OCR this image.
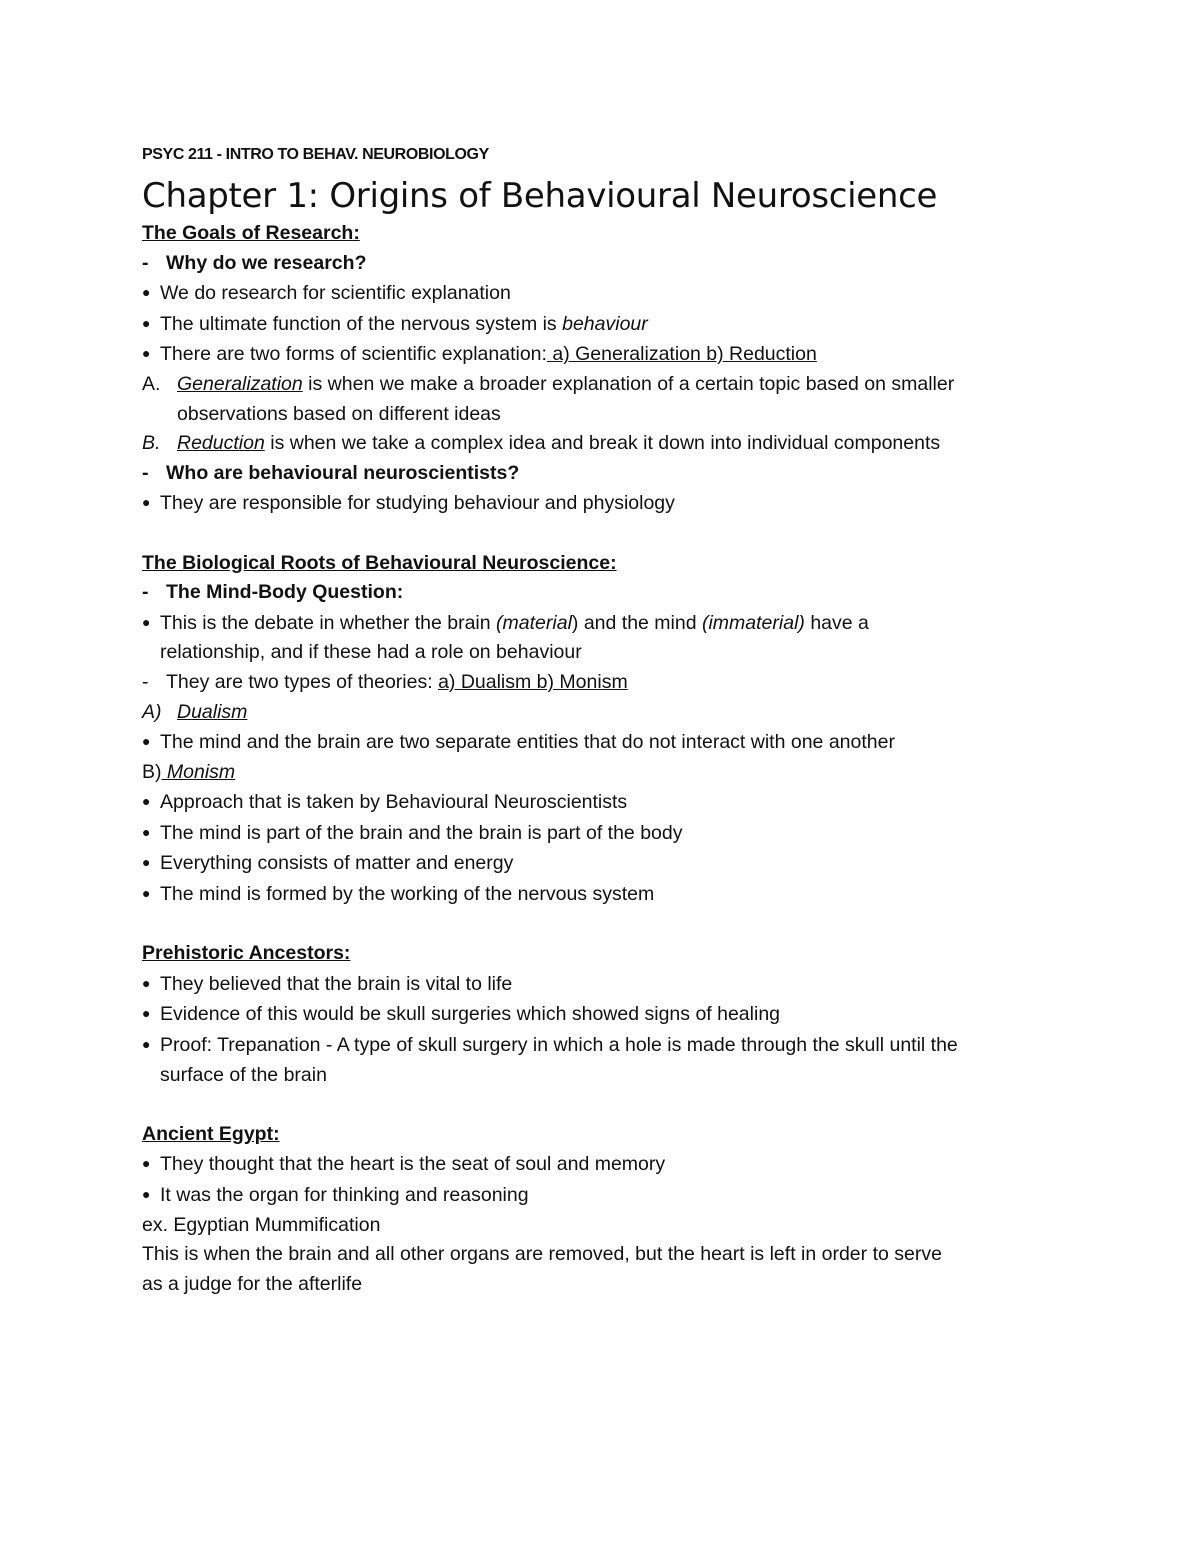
PSYC 211 - INTRO TO BEHAV. NEUROBIOLOGY

Chapter 1: Origins of Behavioural Neuroscience

The Goals of Research:

- Why do we research?

● We do research for scientific explanation

● The ultimate function of the nervous system is behaviour

● There are two forms of scientific explanation: a) Generalization b) Reduction

A. Generalization is when we make a broader explanation of a certain topic based on smaller

observations based on different ideas

B. Reduction is when we take a complex idea and break it down into individual components

- Who are behavioural neuroscientists?

● They are responsible for studying behaviour and physiology

The Biological Roots of Behavioural Neuroscience:

- The Mind-Body Question:

● This is the debate in whether the brain (material) and the mind (immaterial) have a

relationship, and if these had a role on behaviour

- They are two types of theories: a) Dualism b) Monism

A) Dualism

● The mind and the brain are two separate entities that do not interact with one another

B) Monism

● Approach that is taken by Behavioural Neuroscientists

● The mind is part of the brain and the brain is part of the body

● Everything consists of matter and energy

● The mind is formed by the working of the nervous system

Prehistoric Ancestors:

● They believed that the brain is vital to life

● Evidence of this would be skull surgeries which showed signs of healing

● Proof: Trepanation - A type of skull surgery in which a hole is made through the skull until the

surface of the brain

Ancient Egypt:

● They thought that the heart is the seat of soul and memory

● It was the organ for thinking and reasoning

ex. Egyptian Mummification

This is when the brain and all other organs are removed, but the heart is left in order to serve

as a judge for the afterlife
